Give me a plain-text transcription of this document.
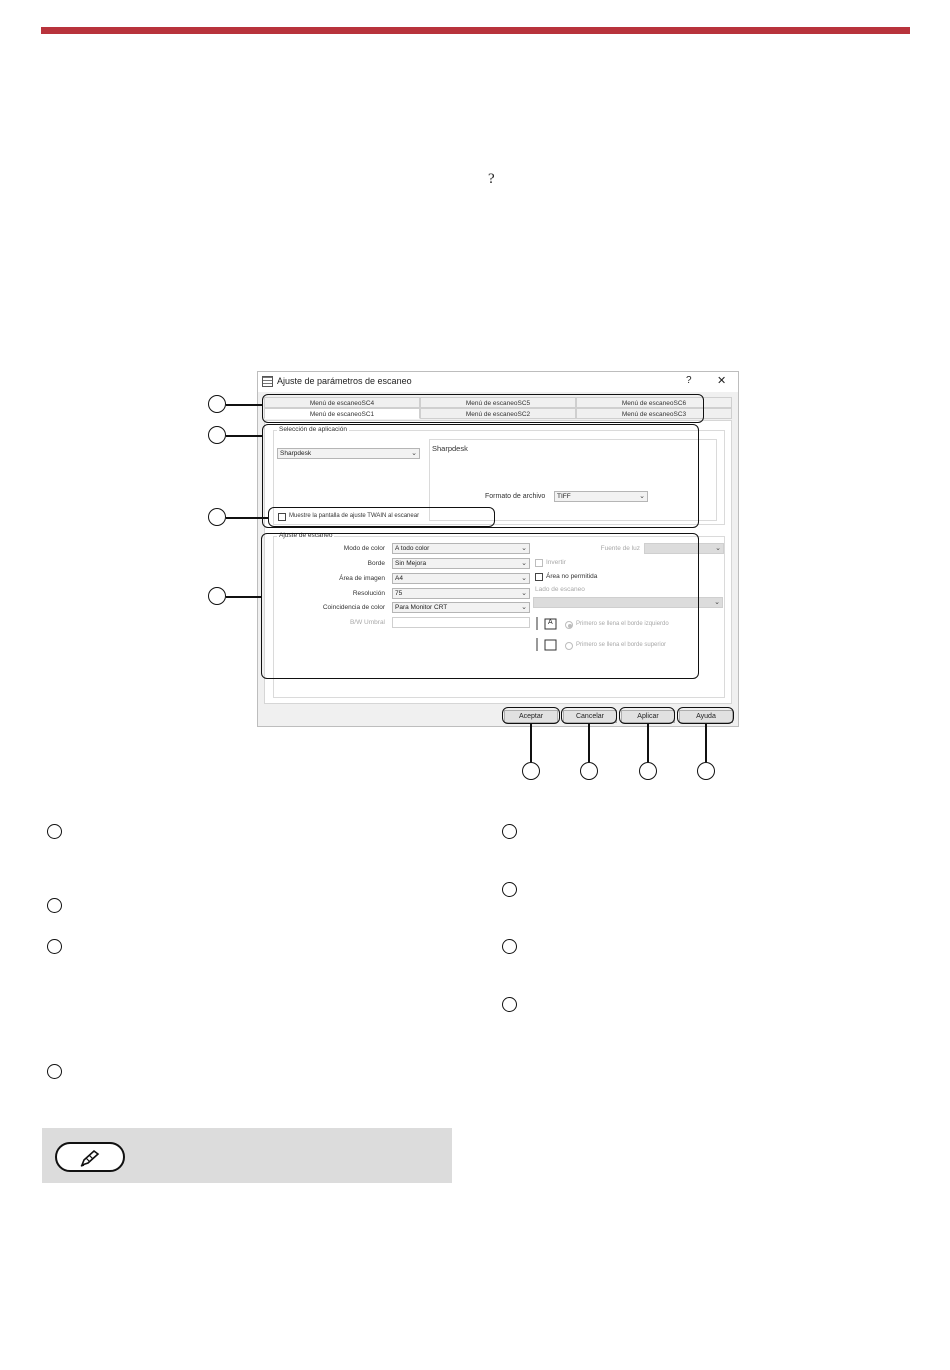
?
Ajuste de parámetros de escaneo	? ✕
Menú de escaneoSC4	Menú de escaneoSC5	Menú de escaneoSC6
Menú de escaneoSC1	Menú de escaneoSC2	Menú de escaneoSC3
Selección de aplicación
Sharpdesk	⌄
Sharpdesk
Formato de archivo	TIFF	⌄
Muestre la pantalla de ajuste TWAIN al escanear
Ajuste de escaneo
Modo de color	A todo color	⌄
Borde	Sin Mejora	⌄
Área de imagen	A4	⌄
Resolución	75	⌄
Coincidencia de color	Para Monitor CRT	⌄
B/W Umbral
Fuente de luz	⌄
Invertir
Área no permitida
Lado de escaneo
⌄
A	Primero se llena el borde izquierdo
Primero se llena el borde superior
Aceptar	Cancelar	Aplicar	Ayuda
